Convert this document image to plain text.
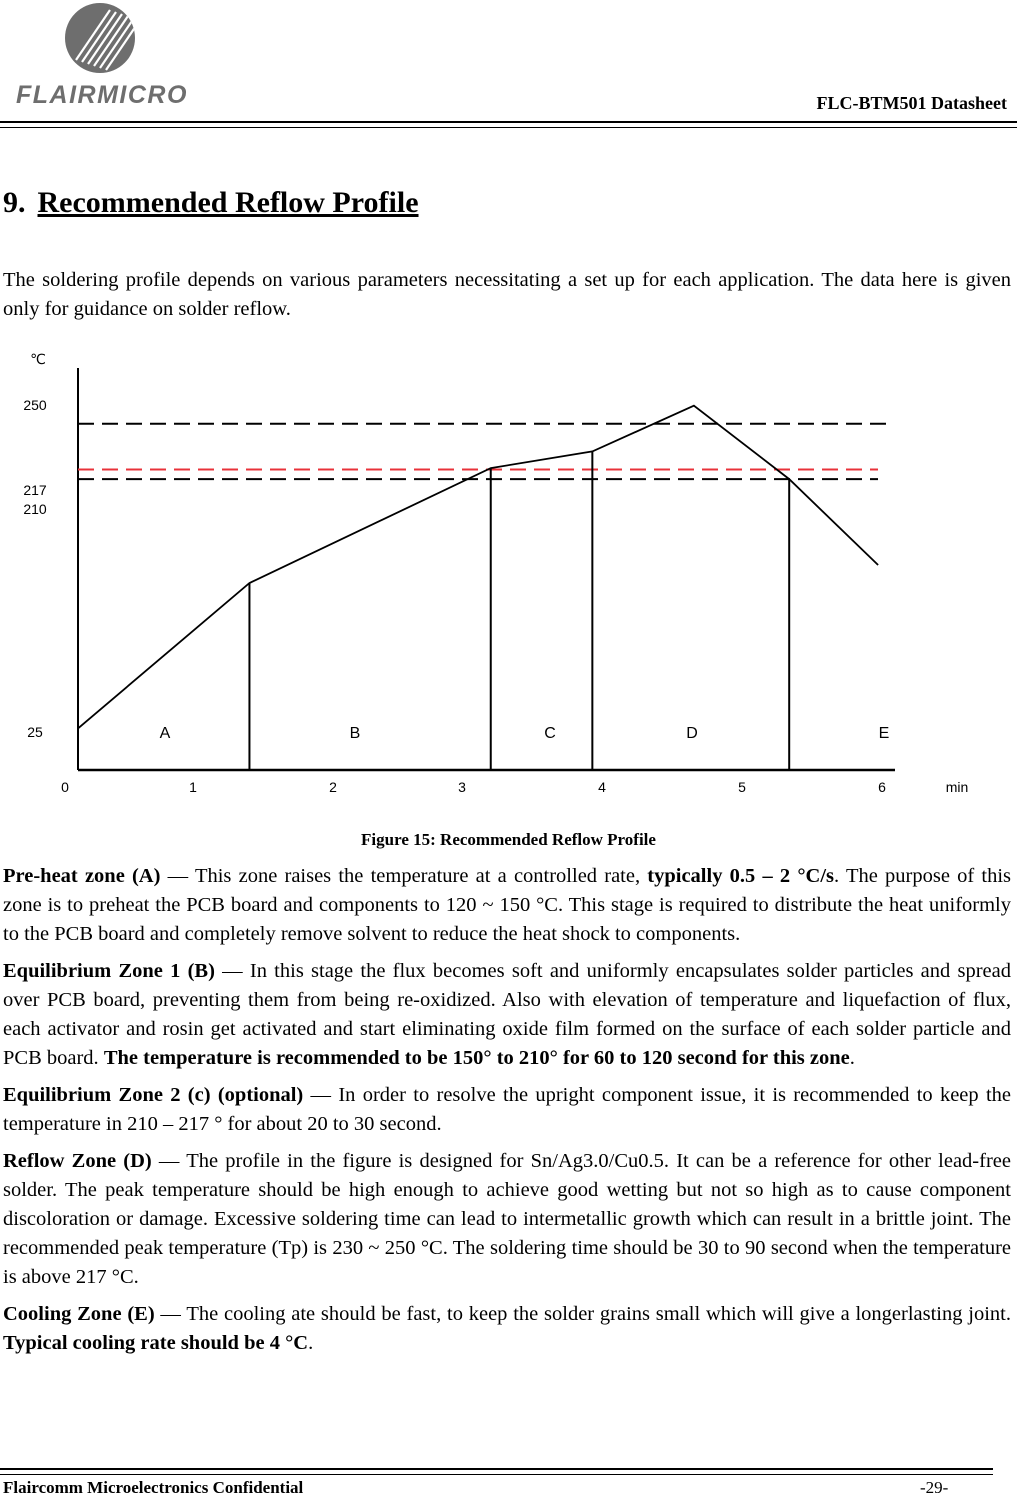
FLAIRMICRO	FLC-BTM501 Datasheet
9. Recommended Reflow Profile
The soldering profile depends on various parameters necessitating a set up for each application. The data here is given only for guidance on solder reflow.
25
210
217
250
℃
0	1	2	3	4	5	6	min
A	B	C	D	E
Figure 15: Recommended Reflow Profile

Pre-heat zone (A) — This zone raises the temperature at a controlled rate, typically 0.5 – 2 °C/s. The purpose of this zone is to preheat the PCB board and components to 120 ~ 150 °C. This stage is required to distribute the heat uniformly to the PCB board and completely remove solvent to reduce the heat shock to components.

Equilibrium Zone 1 (B) — In this stage the flux becomes soft and uniformly encapsulates solder particles and spread over PCB board, preventing them from being re-oxidized. Also with elevation of temperature and liquefaction of flux, each activator and rosin get activated and start eliminating oxide film formed on the surface of each solder particle and PCB board. The temperature is recommended to be 150° to 210° for 60 to 120 second for this zone.

Equilibrium Zone 2 (c) (optional) — In order to resolve the upright component issue, it is recommended to keep the temperature in 210 – 217 ° for about 20 to 30 second.

Reflow Zone (D) — The profile in the figure is designed for Sn/Ag3.0/Cu0.5. It can be a reference for other lead-free solder. The peak temperature should be high enough to achieve good wetting but not so high as to cause component discoloration or damage. Excessive soldering time can lead to intermetallic growth which can result in a brittle joint. The recommended peak temperature (Tp) is 230 ~ 250 °C. The soldering time should be 30 to 90 second when the temperature is above 217 °C.

Cooling Zone (E) — The cooling ate should be fast, to keep the solder grains small which will give a longerlasting joint. Typical cooling rate should be 4 °C.

Flaircomm Microelectronics Confidential	-29-
